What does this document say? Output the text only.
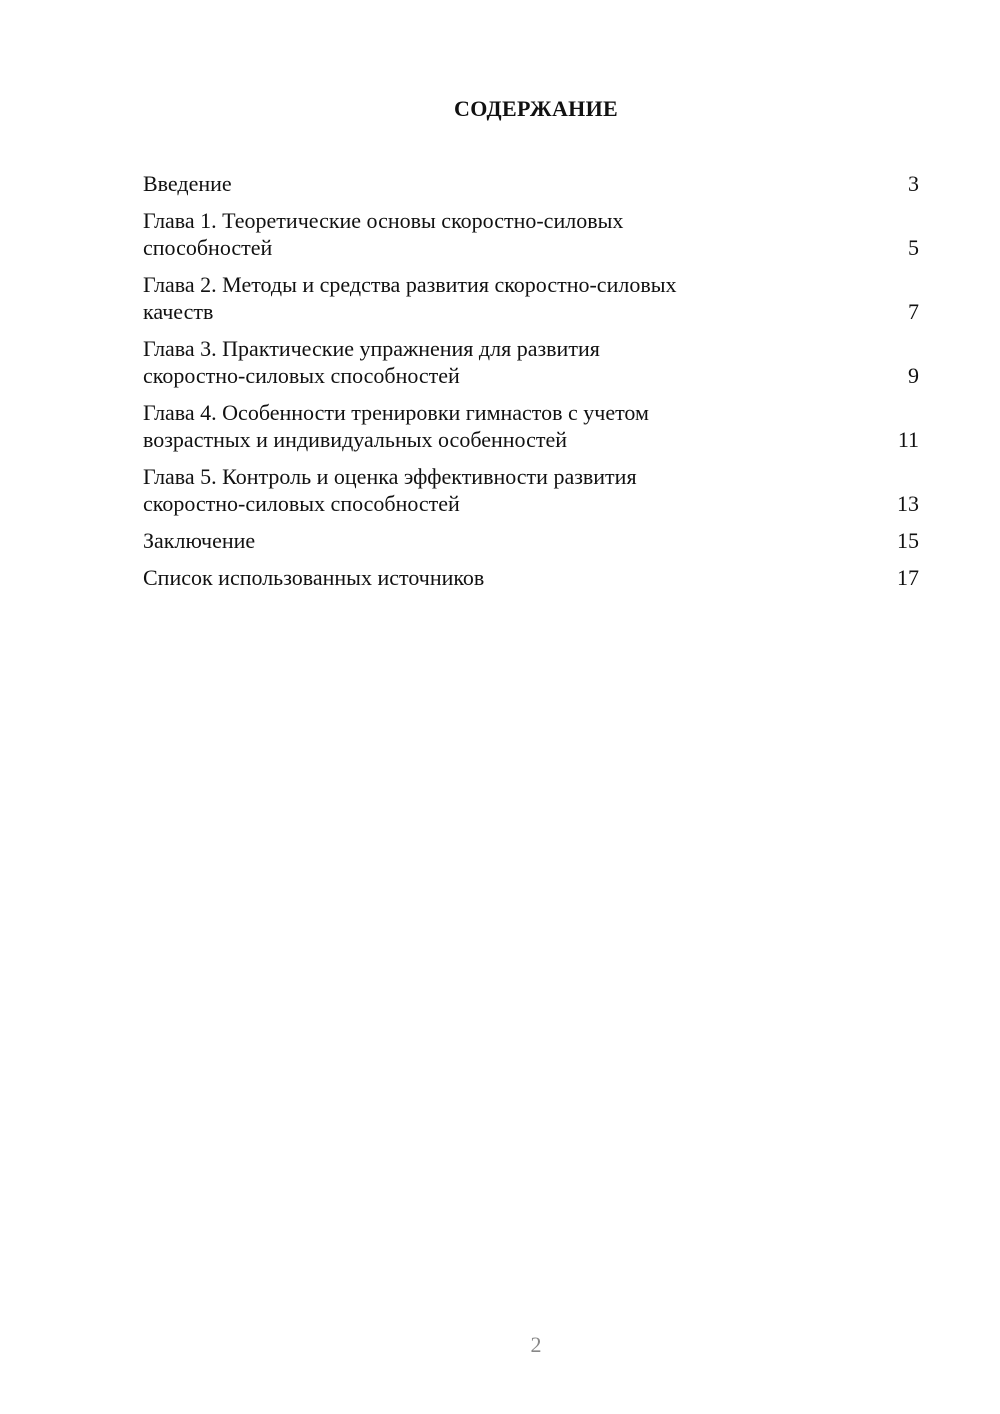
СОДЕРЖАНИЕ
Введение	3
Глава 1. Теоретические основы скоростно-силовых
способностей	5
Глава 2. Методы и средства развития скоростно-силовых
качеств	7
Глава 3. Практические упражнения для развития
скоростно-силовых способностей	9
Глава 4. Особенности тренировки гимнастов с учетом
возрастных и индивидуальных особенностей	11
Глава 5. Контроль и оценка эффективности развития
скоростно-силовых способностей	13
Заключение	15
Список использованных источников	17
2
